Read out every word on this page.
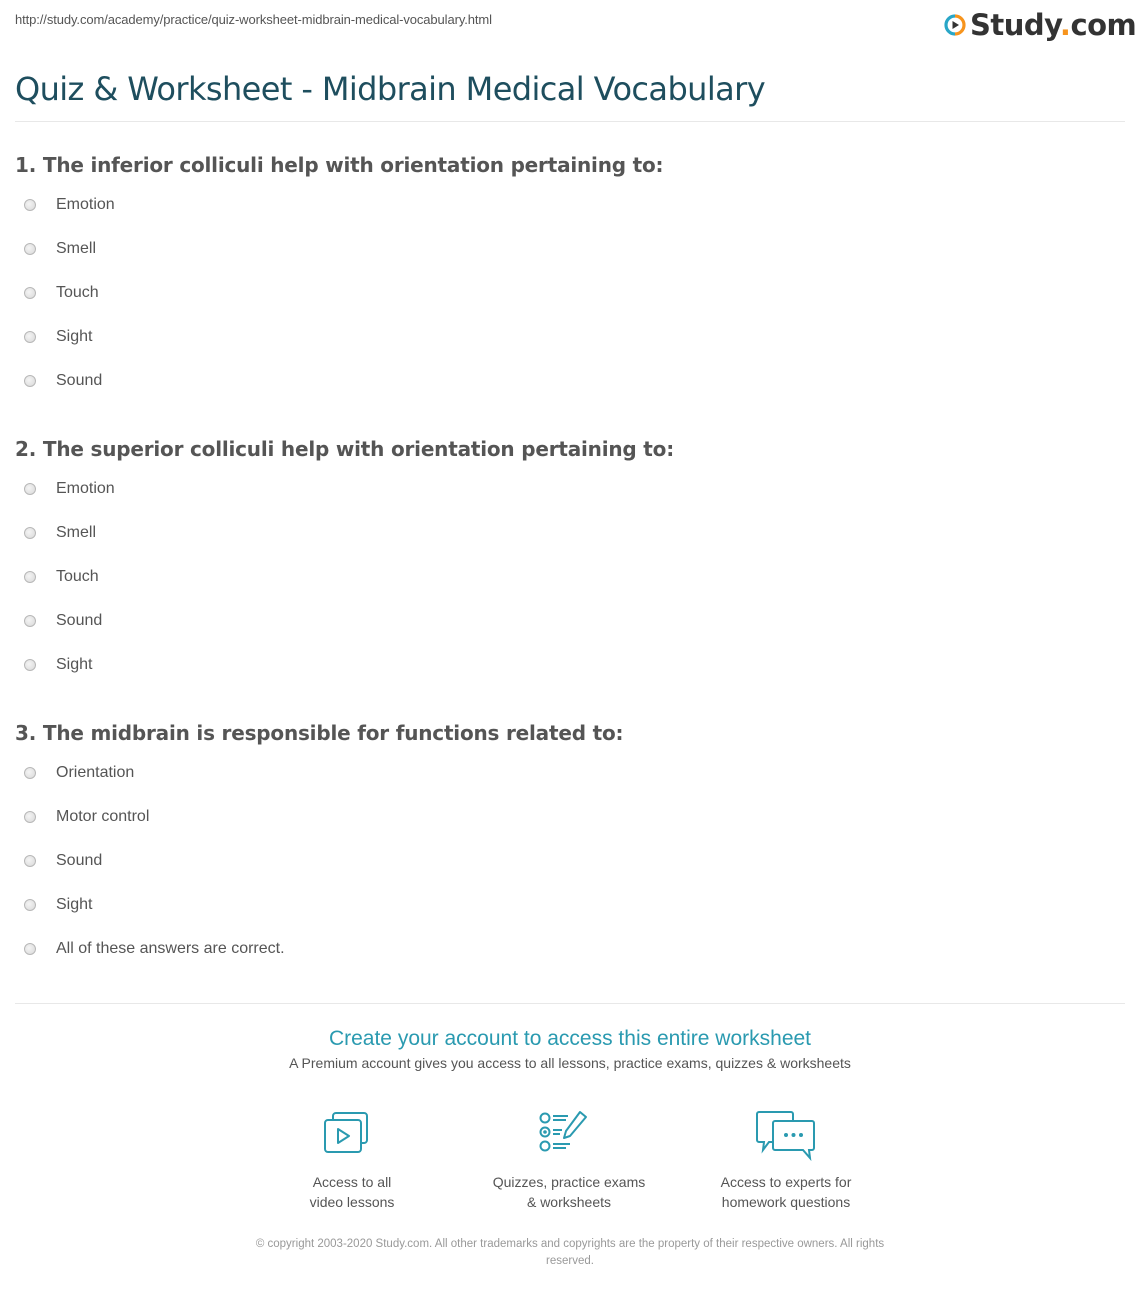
http://study.com/academy/practice/quiz-worksheet-midbrain-medical-vocabulary.html	Study.com
Quiz & Worksheet - Midbrain Medical Vocabulary

1. The inferior colliculi help with orientation pertaining to:

Emotion
Smell
Touch
Sight
Sound

2. The superior colliculi help with orientation pertaining to:

Emotion
Smell
Touch
Sound
Sight

3. The midbrain is responsible for functions related to:

Orientation
Motor control
Sound
Sight
All of these answers are correct.
Create your account to access this entire worksheet
A Premium account gives you access to all lessons, practice exams, quizzes & worksheets
Access to all
video lessons
Quizzes, practice exams
& worksheets
Access to experts for
homework questions
© copyright 2003-2020 Study.com. All other trademarks and copyrights are the property of their respective owners. All rights
reserved.
